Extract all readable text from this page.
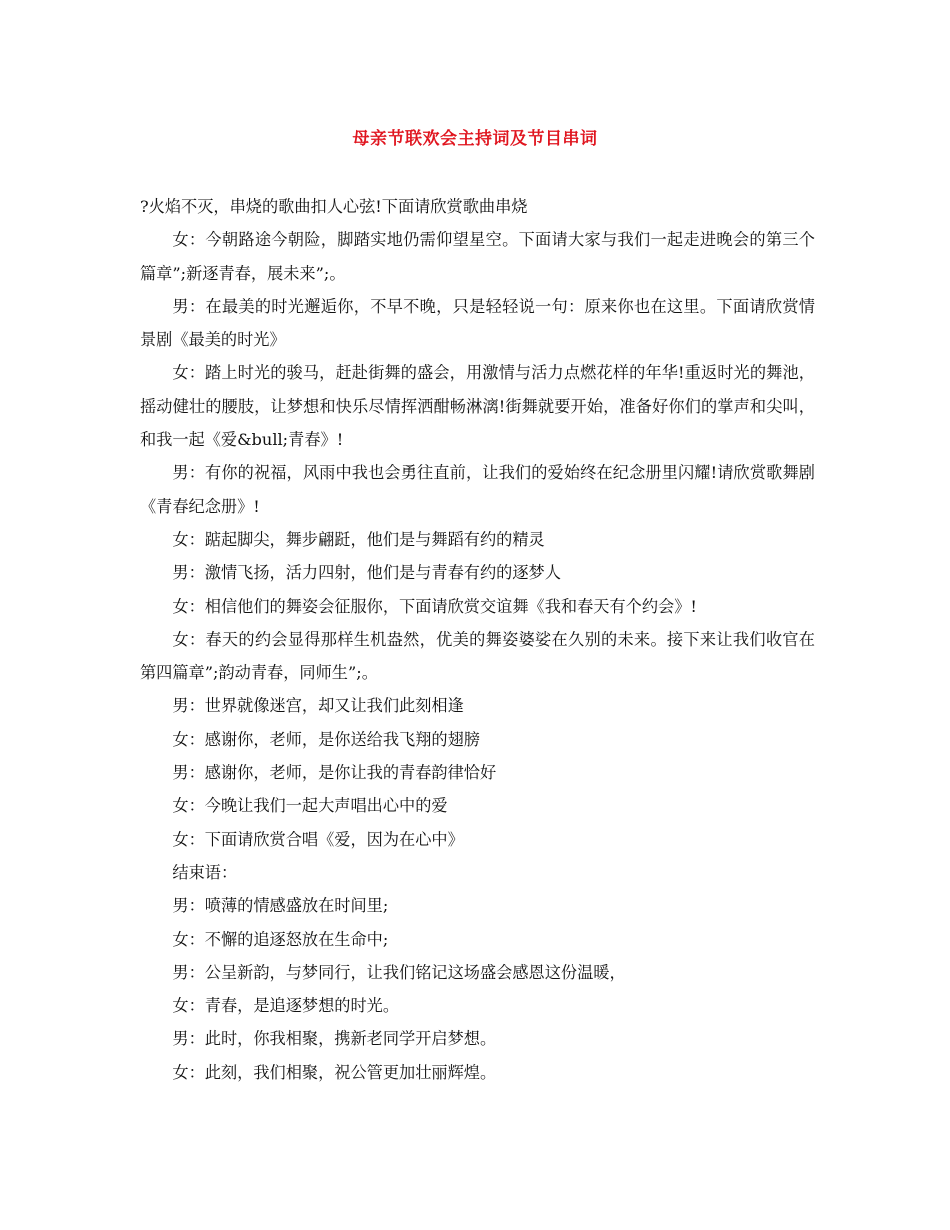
母亲节联欢会主持词及节目串词

?火焰不灭，串烧的歌曲扣人心弦!下面请欣赏歌曲串烧

女：今朝路途今朝险，脚踏实地仍需仰望星空。下面请大家与我们一起走进晚会的第三个篇章”;新逐青春，展未来”;。

男：在最美的时光邂逅你，不早不晚，只是轻轻说一句：原来你也在这里。下面请欣赏情景剧《最美的时光》

女：踏上时光的骏马，赶赴街舞的盛会，用激情与活力点燃花样的年华!重返时光的舞池，摇动健壮的腰肢，让梦想和快乐尽情挥洒酣畅淋漓!街舞就要开始，准备好你们的掌声和尖叫，和我一起《爱&bull;青春》!

男：有你的祝福，风雨中我也会勇往直前，让我们的爱始终在纪念册里闪耀!请欣赏歌舞剧《青春纪念册》!

女：踮起脚尖，舞步翩跹，他们是与舞蹈有约的精灵

男：激情飞扬，活力四射，他们是与青春有约的逐梦人

女：相信他们的舞姿会征服你，下面请欣赏交谊舞《我和春天有个约会》!

女：春天的约会显得那样生机盎然，优美的舞姿婆娑在久别的未来。接下来让我们收官在第四篇章”;韵动青春，同师生”;。

男：世界就像迷宫，却又让我们此刻相逢

女：感谢你，老师，是你送给我飞翔的翅膀

男：感谢你，老师，是你让我的青春韵律恰好

女：今晚让我们一起大声唱出心中的爱

女：下面请欣赏合唱《爱，因为在心中》

结束语：

男：喷薄的情感盛放在时间里;

女：不懈的追逐怒放在生命中;

男：公呈新韵，与梦同行，让我们铭记这场盛会感恩这份温暖，

女：青春，是追逐梦想的时光。

男：此时，你我相聚，携新老同学开启梦想。

女：此刻，我们相聚，祝公管更加壮丽辉煌。
